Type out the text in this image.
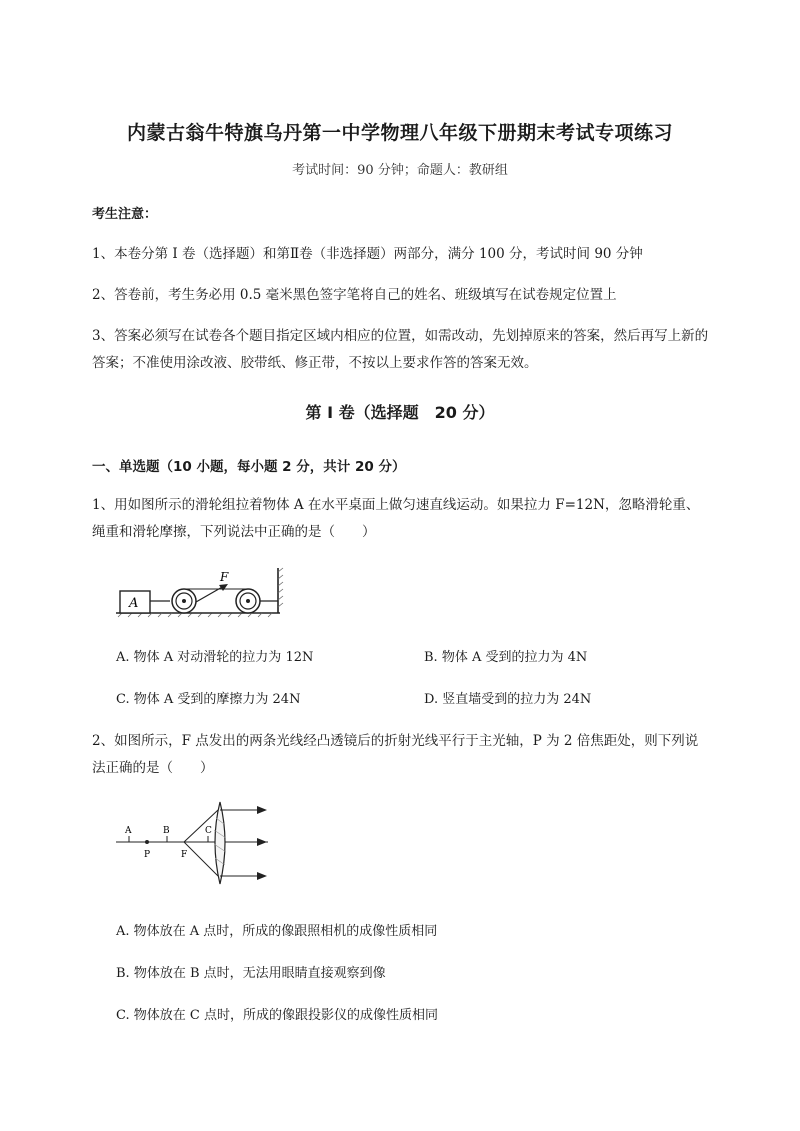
内蒙古翁牛特旗乌丹第一中学物理八年级下册期末考试专项练习
考试时间：90 分钟；命题人：教研组
考生注意：
1、本卷分第 I 卷（选择题）和第Ⅱ卷（非选择题）两部分，满分 100 分，考试时间 90 分钟
2、答卷前，考生务必用 0.5 毫米黑色签字笔将自己的姓名、班级填写在试卷规定位置上
3、答案必须写在试卷各个题目指定区域内相应的位置，如需改动，先划掉原来的答案，然后再写上新的答案；不准使用涂改液、胶带纸、修正带，不按以上要求作答的答案无效。
第 I 卷（选择题　20 分）
一、单选题（10 小题，每小题 2 分，共计 20 分）
1、用如图所示的滑轮组拉着物体 A 在水平桌面上做匀速直线运动。如果拉力 F=12N，忽略滑轮重、绳重和滑轮摩擦，下列说法中正确的是（　　）
A
F
A. 物体 A 对动滑轮的拉力为 12N	B. 物体 A 受到的拉力为 4N
C. 物体 A 受到的摩擦力为 24N	D. 竖直墙受到的拉力为 24N
2、如图所示，F 点发出的两条光线经凸透镜后的折射光线平行于主光轴，P 为 2 倍焦距处，则下列说法正确的是（　　）
A	B
P	F
C
A. 物体放在 A 点时，所成的像跟照相机的成像性质相同
B. 物体放在 B 点时，无法用眼睛直接观察到像
C. 物体放在 C 点时，所成的像跟投影仪的成像性质相同
